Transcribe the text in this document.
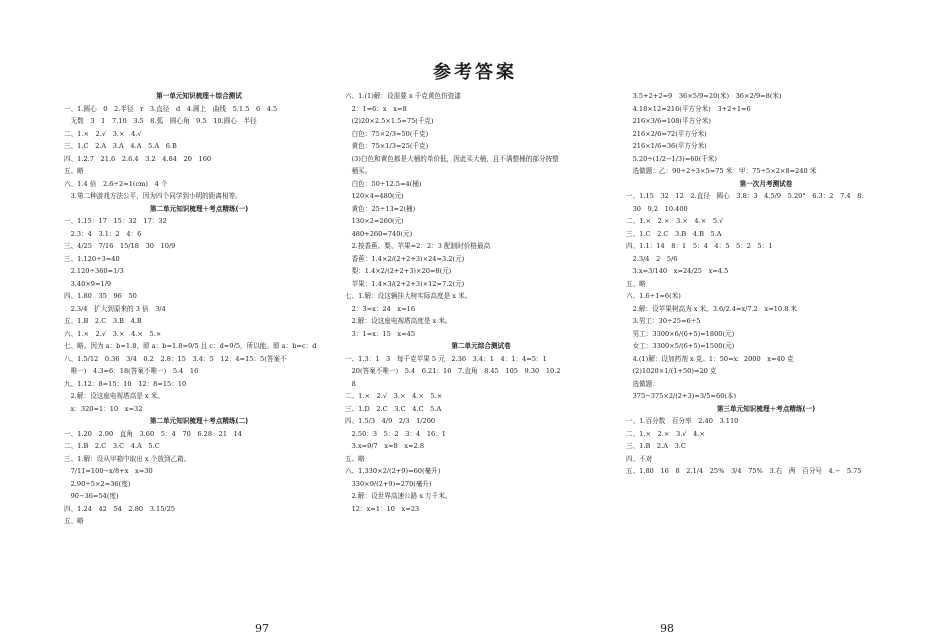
参考答案
第一单元知识梳理＋综合测试
一、1.圆心　0　2.半径　r　3.直径　d　4.圆上　曲线　5.1.5　6　4.5
　无数　3　1　7.10　3.5　8.弧　圆心角　9.5　10.圆心　半径
二、1.×　2.√　3.×　4.√
三、1.C　2.A　3.A　4.A　5.A　6.B
四、1.2.7　21.6　2.6.4　3.2　4.84　20　160
五、略
六、1.4 倍　2.6÷2=1(cm)　4 个
　3.第二种游戏方法公平，因为四个同学到小明的距离相等。
第二单元知识梳理＋考点精练(一)
一、1.15：17　15：32　17：32
　2.3：4　3.1：2　4：6
三、4/25　7/16　15/18　30　10/9
三、1.120÷3=40
　2.120÷360=1/3
　3.40×9=1/9
四、1.80　35　96　50
　2.3/4　扩大到原来的 3 倍　3/4
五、1.B　2.C　3.B　4.B
六、1.×　2.√　3.×　4.×　5.×
七、略。因为 a：b=1.8，即 a：b=1.8=9/5 且 c：d=9/5，所以能。即 a：b=c：d
八、1.5/12　0.36　3/4　0.2　2.8：15　3.4：5　12：4=15：5(答案不
　唯一)　4.3=6：18(答案不唯一)　5.4　16
九、1.12：8=15：10　12：8=15：10
　2.解：设这座电视塔高是 x 米。
　x：320=1：10　x=32
第二单元知识梳理＋考点精练(二)
一、1.20　2.90　直角　3.60　5：4　70　6.28　21　14
二、1.B　2.C　3.C　4.A　5.C
三、1.解：设从甲箱中取出 x 个放到乙箱。
　7/11=100−x/8+x　x=30
　2.90÷5×2=36(度)
　90−36=54(度)
四、1.24　42　54　2.80　3.15/25
五、略
六、1.(1)解：设需要 x 千克黄色仿瓷漆
　2：1=6：x　x=8
　(2)20×2.5×1.5=75(千克)
　白色：75×2/3=50(千克)
　黄色：75×1/3=25(千克)
　(3)白色和黄色都是大桶的单价低，因此买大桶，且不满整桶的部分按整
　桶买。
　白色：50÷12.5=4(桶)
　120×4=480(元)
　黄色：25÷13≈2(桶)
　130×2=260(元)
　480+260=740(元)
　2.按香蕉、梨、苹果=2：2：3 配制时价格最高
　香蕉：1.4×2/(2+2+3)×24=3.2(元)
　梨：1.4×2/(2+2+3)×20=8(元)
　苹果：1.4×3/(2+2+3)×12=7.2(元)
七、1.解：设这辆挂大树实际高度是 x 米。
　2：3=x：24　x=16
　2.解：设这座电视塔高度是 x 米。
　3：1=x：15　x=45
第二单元综合测试卷
一、1.3：1　3　每千克苹果 5 元　2.36　3.4：1　4：1：4=5：1
　20(答案不唯一)　5.4　6.21：16　7.直角　8.45　105　9.30　10.2
　8
二、1.×　2.√　3.×　4.×　5.×
三、1.D　2.C　3.C　4.C　5.A
四、1.5/3　4/9　2/3　1/200
　2.50：3　5：2　3：4　16：1
　3.x=9/7　x=8　x=2.8
五、略
六、1.330×2/(2+9)=60(毫升)
　330×9/(2+9)=270(毫升)
　2.解：设世界高速公路 x 万千米。
　12：x=1：10　x=23
　3.5+2+2=9　36×5/9=20(米)　36×2/9=8(米)
　4.18×12=216(平方分米)　3+2+1=6
　216×3/6=108(平方分米)
　216×2/6=72(平方分米)
　216×1/6=36(平方分米)
　5.20÷(1/2−1/3)=60(千米)
　选做题：乙：90÷2÷3×5=75 米　甲：75÷5×2×8=240 米
第一次月考测试卷
一、1.15　32　12　2.直径　圆心　3.8：3　4.5/9　5.20°　6.3：2　7.4　8.
　30　9.2　10.400
二、1.×　2.×　3.×　4.×　5.√
三、1.C　2.C　3.B　4.B　5.A
四、1.1：14　8：1　5：4　4：5　5：2　5：1
　2.3/4　2　5/6
　3.x=3/140　x=24/25　x=4.5
五、略
六、1.6÷1=6(米)
　2.解：设苹果树高为 x 米。3.6/2.4=x/7.2　x=10.8 米
　3.男工：30÷25=6÷5
　男工：3300×6/(6+5)=1800(元)
　女工：3300×5/(6+5)=1500(元)
　4.(1)解：设加药剂 x 克。1：50=x：2000　x=40 克
　(2)1020×1/(1+50)=20 克
　选做题：
　375−375×2/(2+3)=3/5=60(本)
第三单元知识梳理＋考点精练(一)
一、1.百分数　百分率　2.40　3.110
二、1.×　2.×　3.√　4.×
三、1.B　2.A　3.C
四、不对
五、1.80　16　8　2.1/4　25%　3/4　75%　3.右　两　百分号　4.−　5.75
97	98
